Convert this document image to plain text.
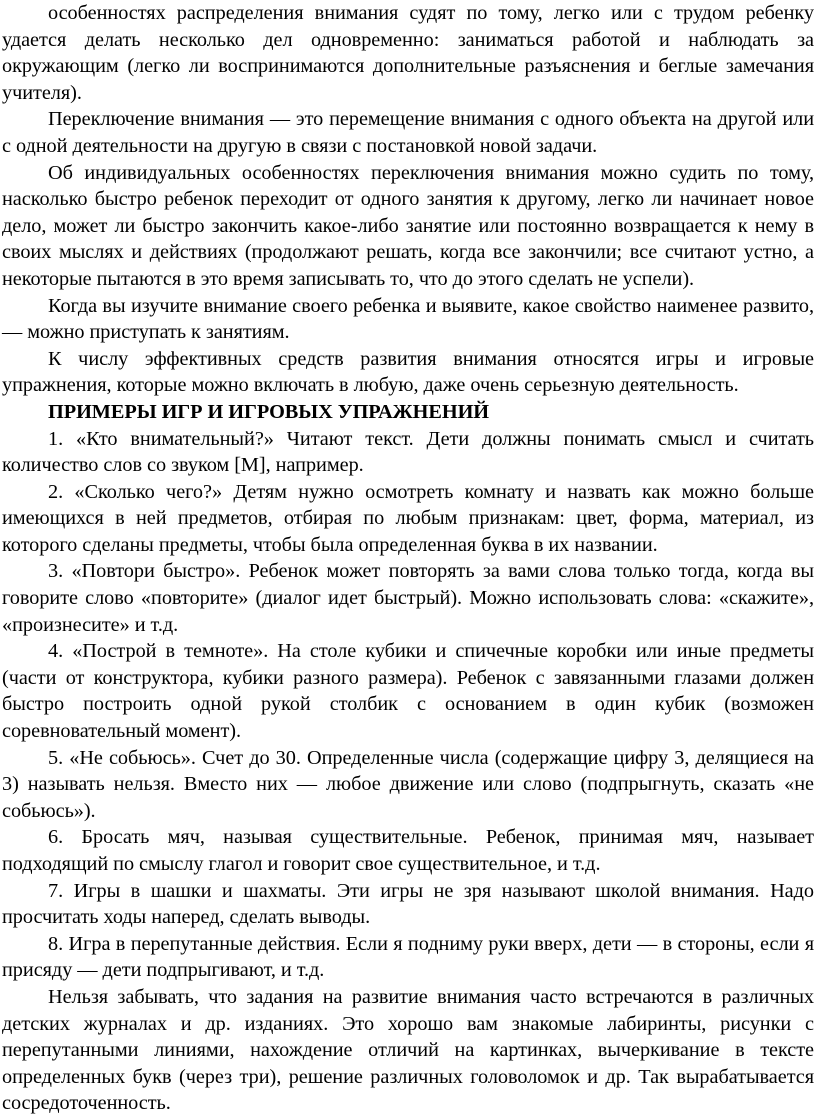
особенностях распределения внимания судят по тому, легко или с трудом ребенку удается делать несколько дел одновременно: заниматься работой и наблюдать за окружающим (легко ли воспринимаются дополнительные разъяснения и беглые замечания учителя).

Переключение внимания — это перемещение внимания с одного объекта на другой или с одной деятельности на другую в связи с постановкой новой задачи.

Об индивидуальных особенностях переключения внимания можно судить по тому, насколько быстро ребенок переходит от одного занятия к другому, легко ли начинает новое дело, может ли быстро закончить какое-либо занятие или постоянно возвращается к нему в своих мыслях и действиях (продолжают решать, когда все закончили; все считают устно, а некоторые пытаются в это время записывать то, что до этого сделать не успели).

Когда вы изучите внимание своего ребенка и выявите, какое свойство наименее развито, — можно приступать к занятиям.

К числу эффективных средств развития внимания относятся игры и игровые упражнения, которые можно включать в любую, даже очень серьезную деятельность.

ПРИМЕРЫ ИГР И ИГРОВЫХ УПРАЖНЕНИЙ

1. «Кто внимательный?» Читают текст. Дети должны понимать смысл и считать количество слов со звуком [М], например.

2. «Сколько чего?» Детям нужно осмотреть комнату и назвать как можно больше имеющихся в ней предметов, отбирая по любым признакам: цвет, форма, материал, из которого сделаны предметы, чтобы была определенная буква в их названии.

3. «Повтори быстро». Ребенок может повторять за вами слова только тогда, когда вы говорите слово «повторите» (диалог идет быстрый). Можно использовать слова: «скажите», «произнесите» и т.д.

4. «Построй в темноте». На столе кубики и спичечные коробки или иные предметы (части от конструктора, кубики разного размера). Ребенок с завязанными глазами должен быстро построить одной рукой столбик с основанием в один кубик (возможен соревновательный момент).

5. «Не собьюсь». Счет до 30. Определенные числа (содержащие цифру 3, делящиеся на 3) называть нельзя. Вместо них — любое движение или слово (подпрыгнуть, сказать «не собьюсь»).

6. Бросать мяч, называя существительные. Ребенок, принимая мяч, называет подходящий по смыслу глагол и говорит свое существительное, и т.д.

7. Игры в шашки и шахматы. Эти игры не зря называют школой внимания. Надо просчитать ходы наперед, сделать выводы.

8. Игра в перепутанные действия. Если я подниму руки вверх, дети — в стороны, если я присяду — дети подпрыгивают, и т.д.

Нельзя забывать, что задания на развитие внимания часто встречаются в различных детских журналах и др. изданиях. Это хорошо вам знакомые лабиринты, рисунки с перепутанными линиями, нахождение отличий на картинках, вычеркивание в тексте определенных букв (через три), решение различных головоломок и др. Так вырабатывается сосредоточенность.
